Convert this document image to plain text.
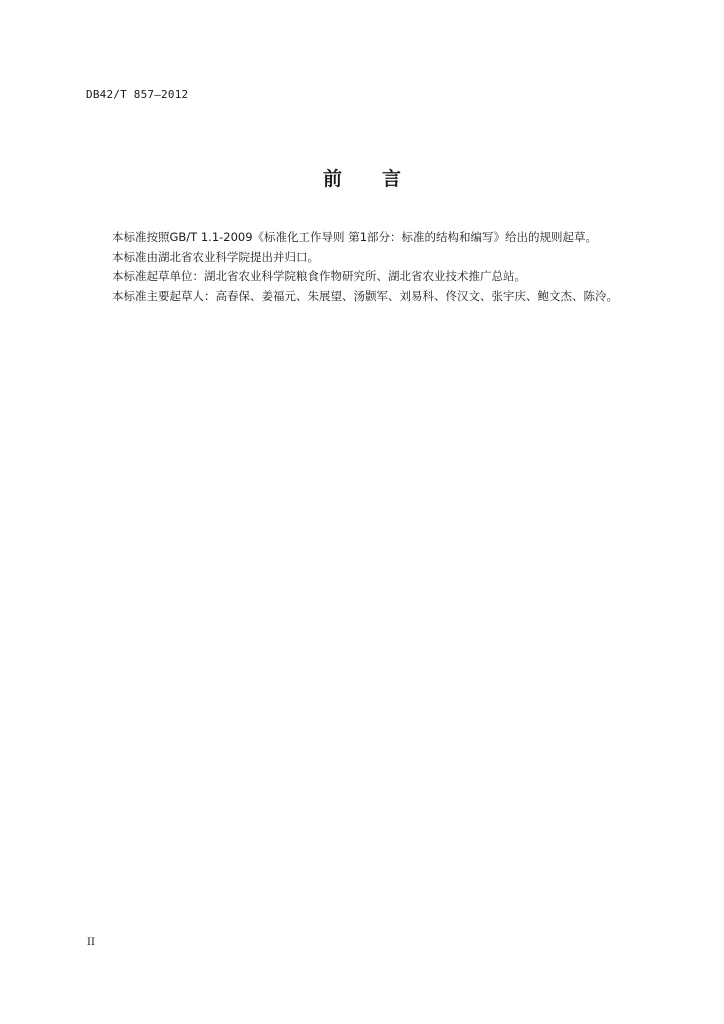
DB42/T 857—2012
前言

本标准按照GB/T 1.1-2009《标准化工作导则 第1部分：标准的结构和编写》给出的规则起草。

本标准由湖北省农业科学院提出并归口。

本标准起草单位：湖北省农业科学院粮食作物研究所、湖北省农业技术推广总站。

本标准主要起草人：高春保、姜福元、朱展望、汤颢军、刘易科、佟汉文、张宇庆、鲍文杰、陈泠。

II
